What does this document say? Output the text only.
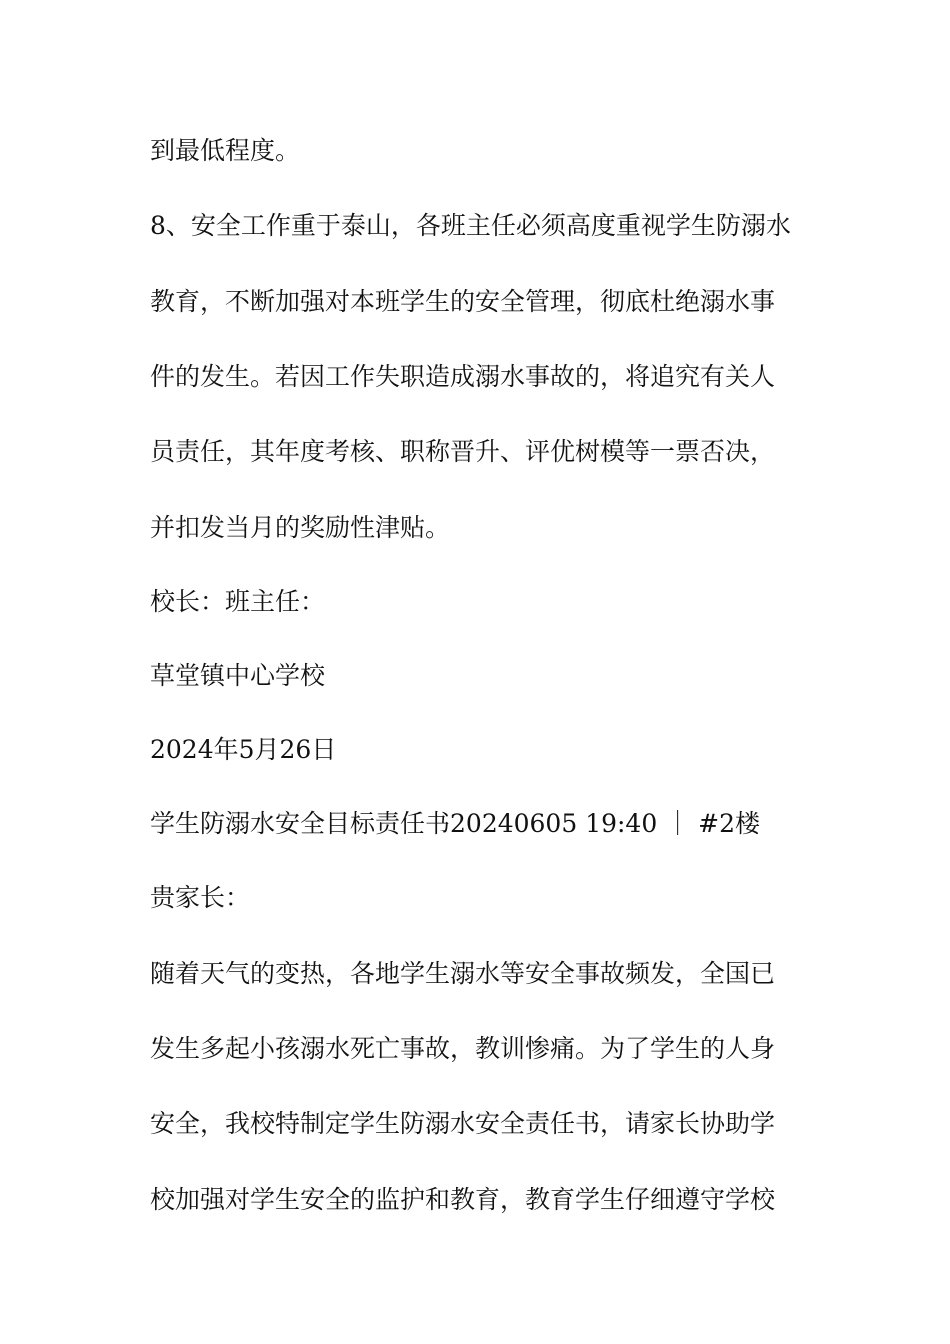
到最低程度。
8、安全工作重于泰山，各班主任必须高度重视学生防溺水
教育，不断加强对本班学生的安全管理，彻底杜绝溺水事
件的发生。若因工作失职造成溺水事故的，将追究有关人
员责任，其年度考核、职称晋升、评优树模等一票否决，
并扣发当月的奖励性津贴。
校长：班主任：
草堂镇中心学校
2024年5月26日
学生防溺水安全目标责任书20240605 19:40 ｜ #2楼
贵家长：
随着天气的变热，各地学生溺水等安全事故频发，全国已
发生多起小孩溺水死亡事故，教训惨痛。为了学生的人身
安全，我校特制定学生防溺水安全责任书，请家长协助学
校加强对学生安全的监护和教育，教育学生仔细遵守学校
